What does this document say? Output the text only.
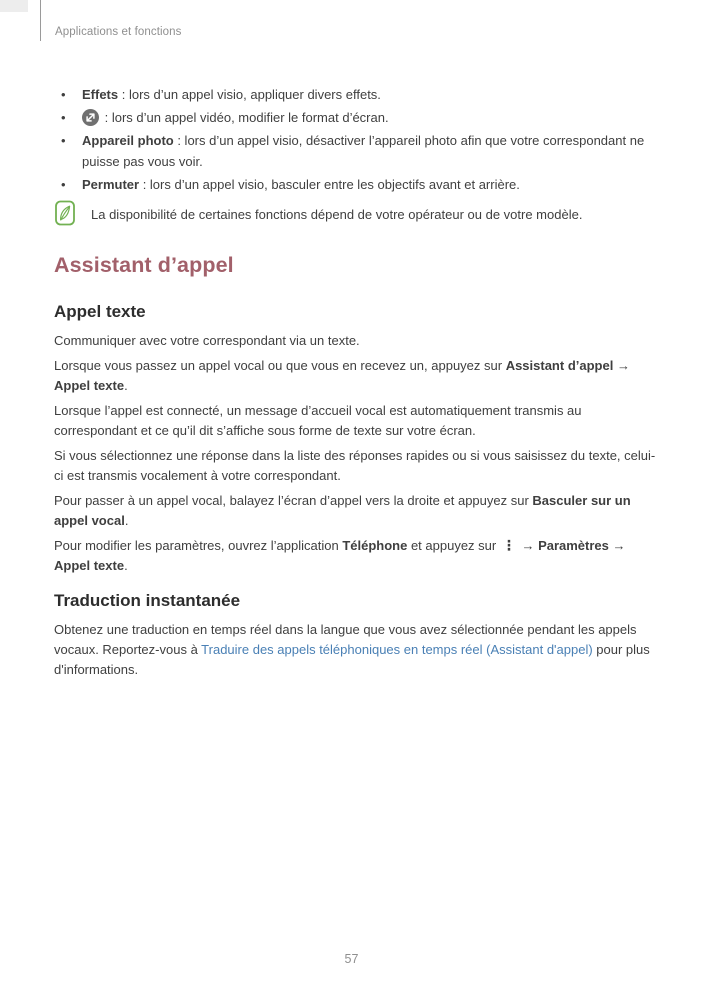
Applications et fonctions
• Effets : lors d’un appel visio, appliquer divers effets.
• : lors d’un appel vidéo, modifier le format d’écran.
• Appareil photo : lors d’un appel visio, désactiver l’appareil photo afin que votre correspondant ne puisse pas vous voir.
• Permuter : lors d’un appel visio, basculer entre les objectifs avant et arrière.
La disponibilité de certaines fonctions dépend de votre opérateur ou de votre modèle.
Assistant d’appel
Appel texte

Communiquer avec votre correspondant via un texte.

Lorsque vous passez un appel vocal ou que vous en recevez un, appuyez sur Assistant d’appel → Appel texte.

Lorsque l’appel est connecté, un message d’accueil vocal est automatiquement transmis au correspondant et ce qu’il dit s’affiche sous forme de texte sur votre écran.

Si vous sélectionnez une réponse dans la liste des réponses rapides ou si vous saisissez du texte, celui-ci est transmis vocalement à votre correspondant.

Pour passer à un appel vocal, balayez l’écran d’appel vers la droite et appuyez sur Basculer sur un appel vocal.

Pour modifier les paramètres, ouvrez l’application Téléphone et appuyez sur ⋮ → Paramètres → Appel texte.

Traduction instantanée

Obtenez une traduction en temps réel dans la langue que vous avez sélectionnée pendant les appels vocaux. Reportez-vous à Traduire des appels téléphoniques en temps réel (Assistant d'appel) pour plus d'informations.

57
